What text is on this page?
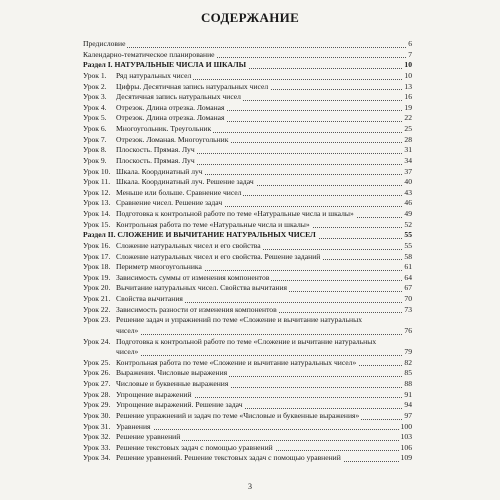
СОДЕРЖАНИЕ
Предисловие	6
Календарно-тематическое планирование	7
Раздел I. НАТУРАЛЬНЫЕ ЧИСЛА И ШКАЛЫ	10
Урок 1.	Ряд натуральных чисел	10
Урок 2.	Цифры. Десятичная запись натуральных чисел	13
Урок 3.	Десятичная запись натуральных чисел	16
Урок 4.	Отрезок. Длина отрезка. Ломаная	19
Урок 5.	Отрезок. Длина отрезка. Ломаная	22
Урок 6.	Многоугольник. Треугольник	25
Урок 7.	Отрезок. Ломаная. Многоугольник	28
Урок 8.	Плоскость. Прямая. Луч	31
Урок 9.	Плоскость. Прямая. Луч	34
Урок 10. Шкала. Координатный луч	37
Урок 11. Шкала. Координатный луч. Решение задач	40
Урок 12. Меньше или больше. Сравнение чисел	43
Урок 13. Сравнение чисел. Решение задач	46
Урок 14. Подготовка к контрольной работе по теме «Натуральные числа и шкалы»	49
Урок 15. Контрольная работа по теме «Натуральные числа и шкалы»	52
Раздел II. СЛОЖЕНИЕ И ВЫЧИТАНИЕ НАТУРАЛЬНЫХ ЧИСЕЛ	55
Урок 16. Сложение натуральных чисел и его свойства	55
Урок 17. Сложение натуральных чисел и его свойства. Решение заданий	58
Урок 18. Периметр многоугольника	61
Урок 19. Зависимость суммы от изменения компонентов	64
Урок 20. Вычитание натуральных чисел. Свойства вычитания	67
Урок 21. Свойства вычитания	70
Урок 22. Зависимость разности от изменения компонентов	73
Урок 23. Решение задач и упражнений по теме «Сложение и вычитание натуральных
чисел»	76
Урок 24. Подготовка к контрольной работе по теме «Сложение и вычитание натуральных
чисел»	79
Урок 25. Контрольная работа по теме «Сложение и вычитание натуральных чисел»	82
Урок 26. Выражения. Числовые выражения	85
Урок 27. Числовые и буквенные выражения	88
Урок 28. Упрощение выражений	91
Урок 29. Упрощение выражений. Решение задач	94
Урок 30. Решение упражнений и задач по теме «Числовые и буквенные выражения»	97
Урок 31. Уравнения	100
Урок 32. Решение уравнений	103
Урок 33. Решение текстовых задач с помощью уравнений	106
Урок 34. Решение уравнений. Решение текстовых задач с помощью уравнений	109
3
